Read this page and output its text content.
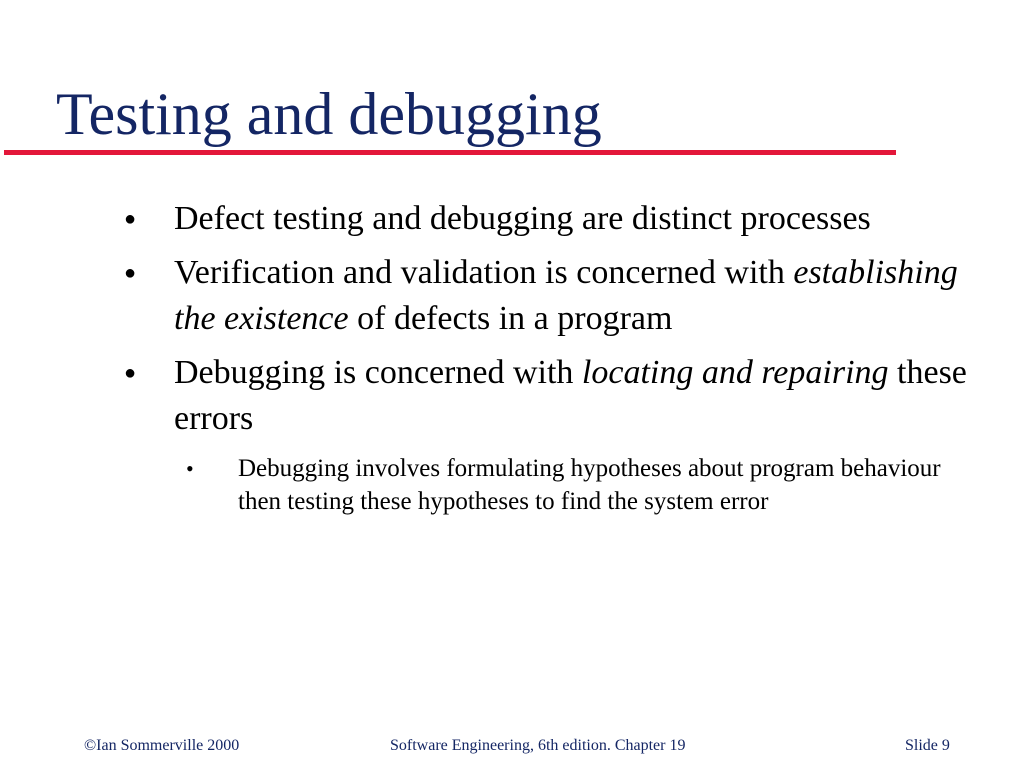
Testing and debugging
● Defect testing and debugging are distinct processes
● Verification and validation is concerned with establishing the existence of defects in a program
● Debugging is concerned with locating and repairing these errors
• Debugging involves formulating hypotheses about program behaviour then testing these hypotheses to find the system error
©Ian Sommerville 2000	Software Engineering, 6th edition. Chapter 19	Slide 9
